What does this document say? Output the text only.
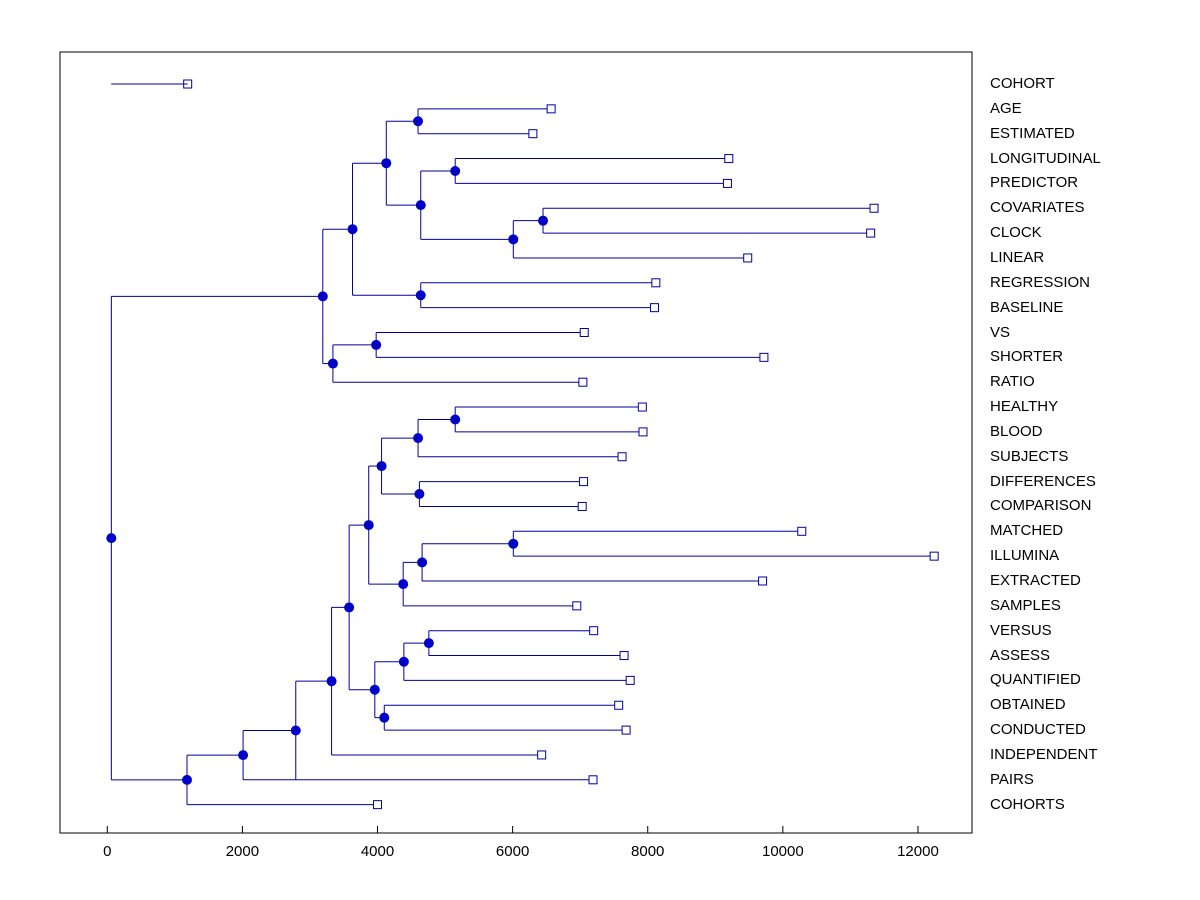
COHORT
AGE
ESTIMATED
LONGITUDINAL
PREDICTOR
COVARIATES
CLOCK
LINEAR
REGRESSION
BASELINE
VS
SHORTER
RATIO
HEALTHY
BLOOD
SUBJECTS
DIFFERENCES
COMPARISON
MATCHED
ILLUMINA
EXTRACTED
SAMPLES
VERSUS
ASSESS
QUANTIFIED
OBTAINED
CONDUCTED
INDEPENDENT
PAIRS
COHORTS
0	2000	4000	6000	8000	10000	12000
